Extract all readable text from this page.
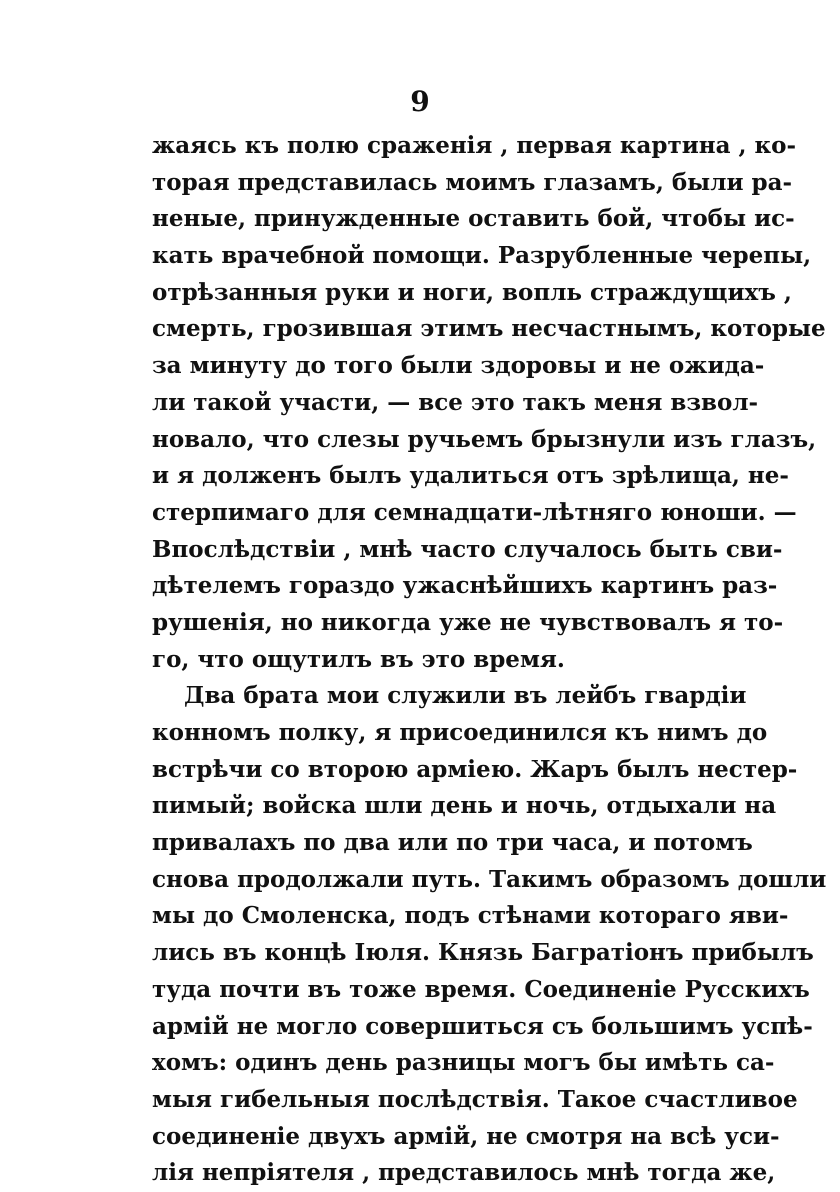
9
жаясь къ полю сраженія , первая картина , ко-
торая представилась моимъ глазамъ, были ра-
неные, принужденные оставить бой, чтобы ис-
кать врачебной помощи. Разрубленные черепы,
отрѣзанныя руки и ноги, вопль страждущихъ ,
смерть, грозившая этимъ несчастнымъ, которые
за минуту до того были здоровы и не ожида-
ли такой участи, — все это такъ меня взвол-
новало, что слезы ручьемъ брызнули изъ глазъ,
и я долженъ былъ удалиться отъ зрѣлища, не-
стерпимаго для семнадцати-лѣтняго юноши. —
Впослѣдствіи , мнѣ часто случалось быть сви-
дѣтелемъ гораздо ужаснѣйшихъ картинъ раз-
рушенія, но никогда уже не чувствовалъ я то-
го, что ощутилъ въ это время.
Два брата мои служили въ лейбъ гвардіи
конномъ полку, я присоединился къ нимъ до
встрѣчи со второю арміею. Жаръ былъ нестер-
пимый; войска шли день и ночь, отдыхали на
привалахъ по два или по три часа, и потомъ
снова продолжали путь. Такимъ образомъ дошли
мы до Смоленска, подъ стѣнами котораго яви-
лись въ концѣ Іюля. Князь Багратіонъ прибылъ
туда почти въ тоже время. Соединеніе Русскихъ
армій не могло совершиться съ большимъ успѣ-
хомъ: одинъ день разницы могъ бы имѣть са-
мыя гибельныя послѣдствія. Такое счастливое
соединеніе двухъ армій, не смотря на всѣ уси-
лія непріятеля , представилось мнѣ тогда же,
